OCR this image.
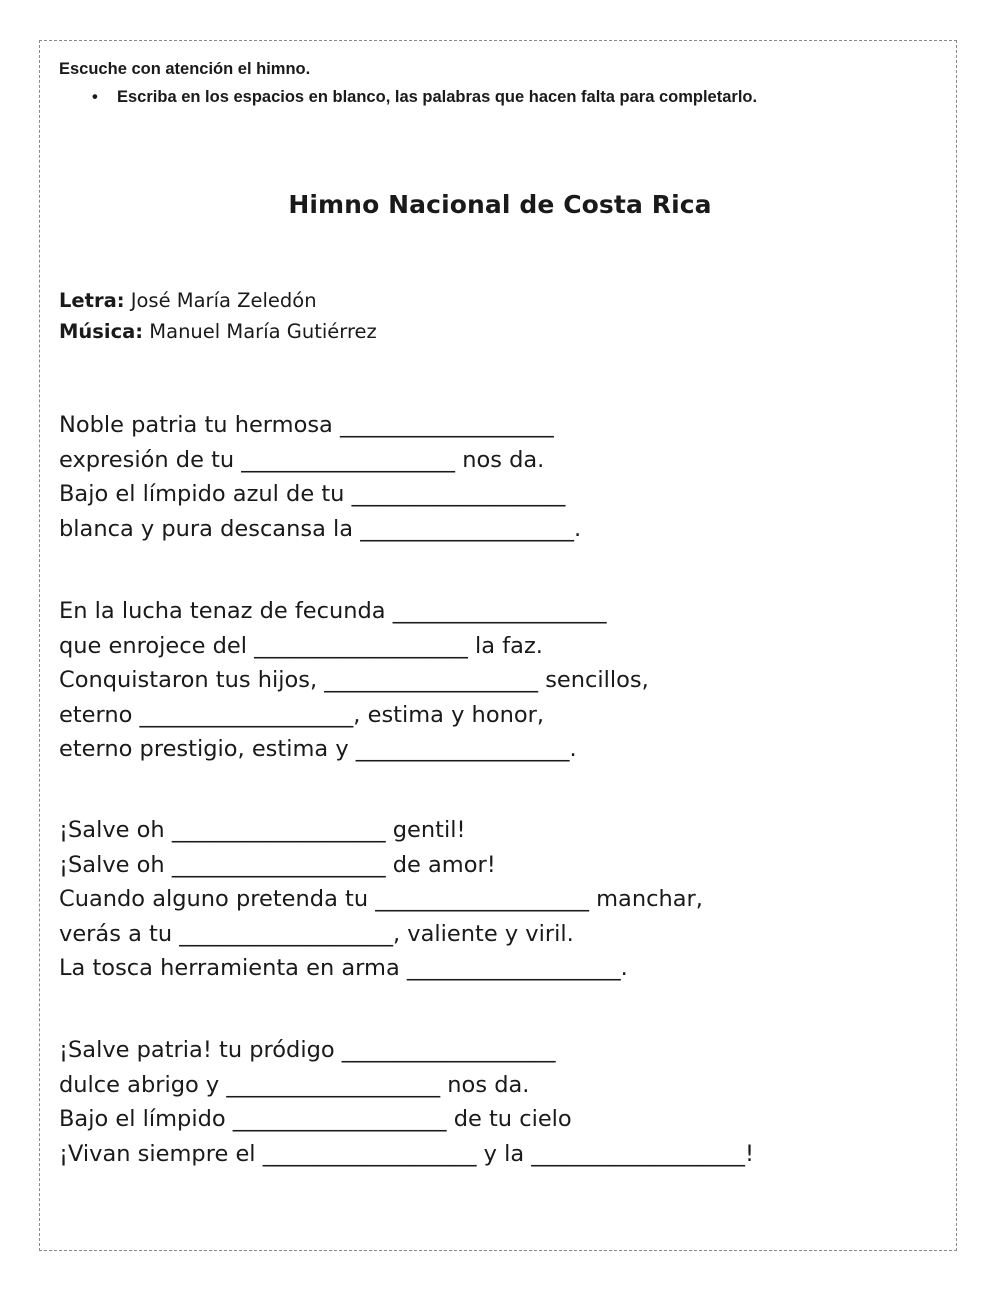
Escuche con atención el himno.
• Escriba en los espacios en blanco, las palabras que hacen falta para completarlo.
Himno Nacional de Costa Rica
Letra: José María Zeledón
Música: Manuel María Gutiérrez
Noble patria tu hermosa ___________________
expresión de tu ___________________ nos da.
Bajo el límpido azul de tu ___________________
blanca y pura descansa la ___________________.
En la lucha tenaz de fecunda ___________________
que enrojece del ___________________ la faz.
Conquistaron tus hijos, ___________________ sencillos,
eterno ___________________, estima y honor,
eterno prestigio, estima y ___________________.
¡Salve oh ___________________ gentil!
¡Salve oh ___________________ de amor!
Cuando alguno pretenda tu ___________________ manchar,
verás a tu ___________________, valiente y viril.
La tosca herramienta en arma ___________________.
¡Salve patria! tu pródigo ___________________
dulce abrigo y ___________________ nos da.
Bajo el límpido ___________________ de tu cielo
¡Vivan siempre el ___________________ y la ___________________!
